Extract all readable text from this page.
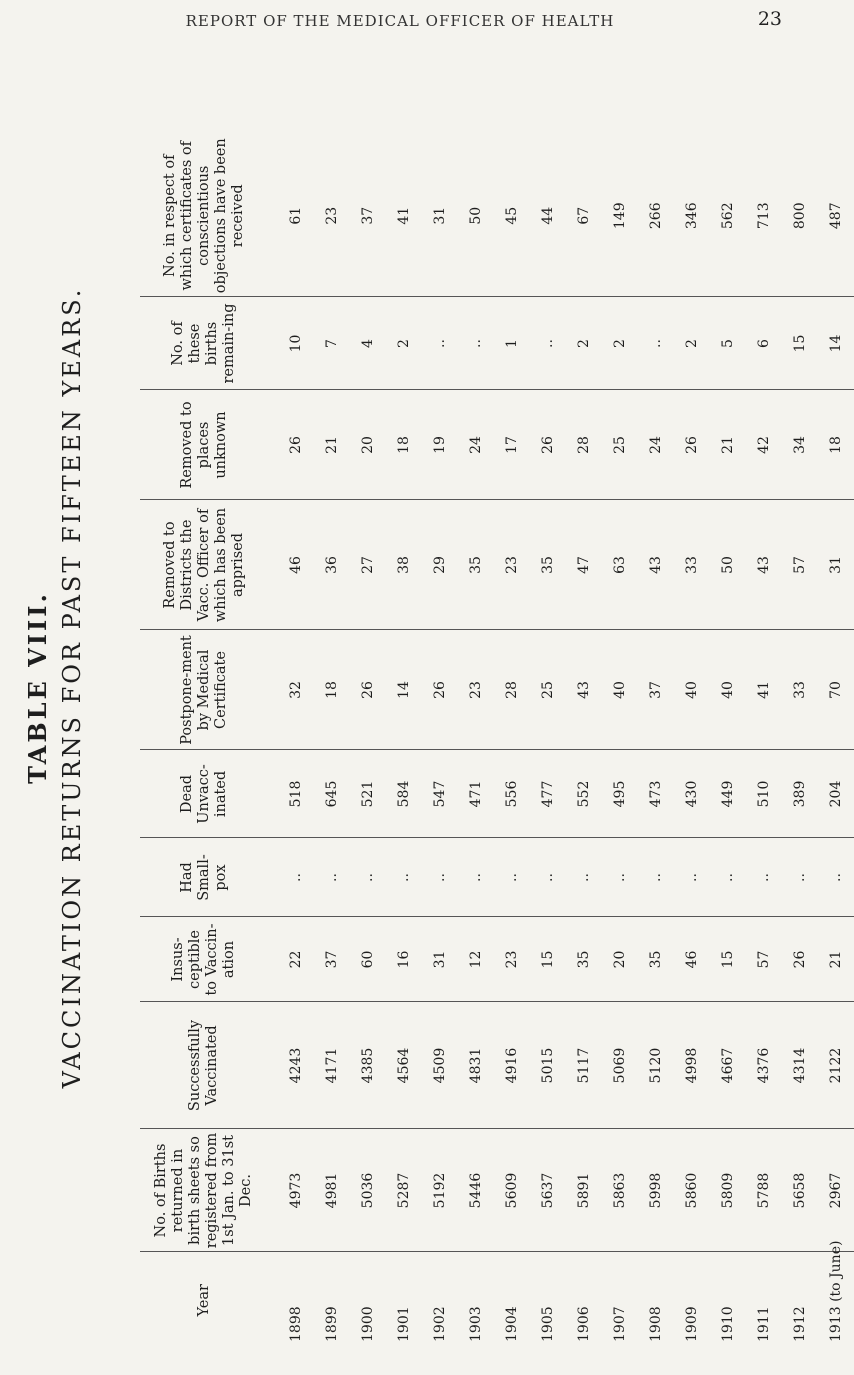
REPORT OF THE MEDICAL OFFICER OF HEALTH	23
TABLE VIII. VACCINATION RETURNS FOR PAST FIFTEEN YEARS.
Year	No. of Births returned in birth sheets so registered from 1st Jan. to 31st Dec.	Successfully Vaccinated	Insus-ceptible to Vaccin-ation	Had Small-pox	Dead Unvacc-inated	Postpone-ment by Medical Certificate	Removed to Districts the Vacc. Officer of which has been apprised	Removed to places unknown	No. of these births remain-ing	No. in respect of which certificates of conscientious objections have been received
1898	4973	4243	22	..	518	32	46	26	10	61
1899	4981	4171	37	..	645	18	36	21	7	23
1900	5036	4385	60	..	521	26	27	20	4	37
1901	5287	4564	16	..	584	14	38	18	2	41
1902	5192	4509	31	..	547	26	29	19	..	31
1903	5446	4831	12	..	471	23	35	24	..	50
1904	5609	4916	23	..	556	28	23	17	1	45
1905	5637	5015	15	..	477	25	35	26	..	44
1906	5891	5117	35	..	552	43	47	28	2	67
1907	5863	5069	20	..	495	40	63	25	2	149
1908	5998	5120	35	..	473	37	43	24	..	266
1909	5860	4998	46	..	430	40	33	26	2	346
1910	5809	4667	15	..	449	40	50	21	5	562
1911	5788	4376	57	..	510	41	43	42	6	713
1912	5658	4314	26	..	389	33	57	34	15	800
1913 (to June)	2967	2122	21	..	204	70	31	18	14	487
